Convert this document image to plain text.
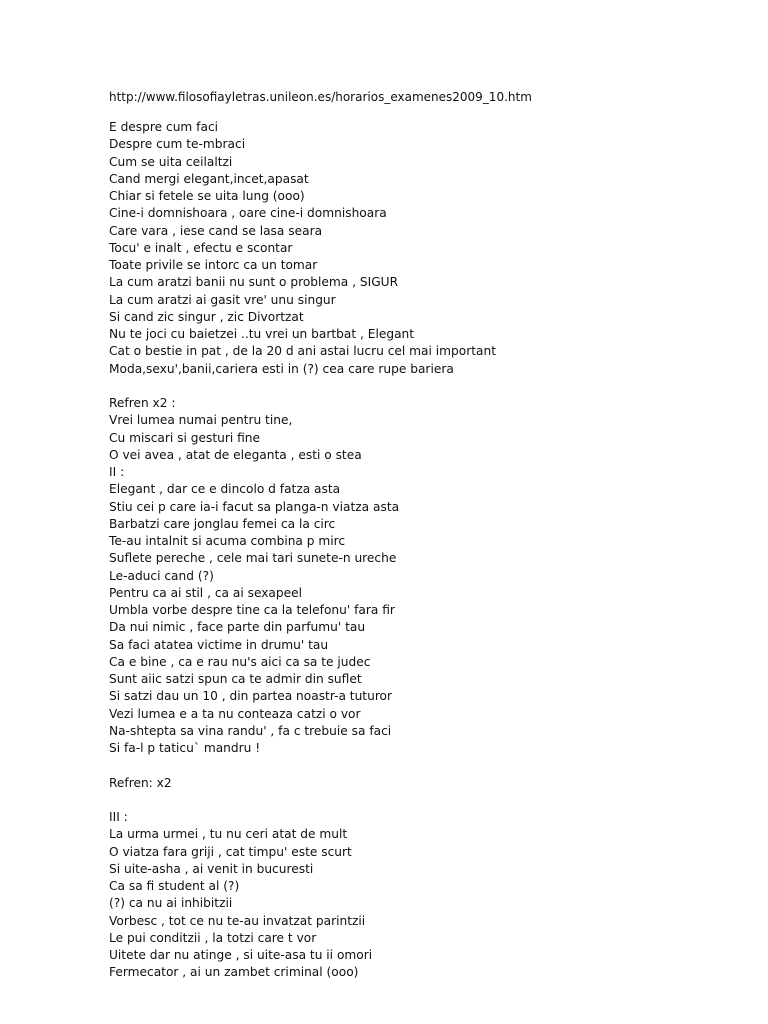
http://www.filosofiayletras.unileon.es/horarios_examenes2009_10.htm
E despre cum faci
Despre cum te-mbraci
Cum se uita ceilaltzi
Cand mergi elegant,incet,apasat
Chiar si fetele se uita lung (ooo)
Cine-i domnishoara , oare cine-i domnishoara
Care vara , iese cand se lasa seara
Tocu' e inalt , efectu e scontar
Toate privile se intorc ca un tomar
La cum aratzi banii nu sunt o problema , SIGUR
La cum aratzi ai gasit vre' unu singur
Si cand zic singur , zic Divortzat
Nu te joci cu baietzei ..tu vrei un bartbat , Elegant
Cat o bestie in pat , de la 20 d ani astai lucru cel mai important
Moda,sexu',banii,cariera esti in (?) cea care rupe bariera
Refren x2 :
Vrei lumea numai pentru tine,
Cu miscari si gesturi fine
O vei avea , atat de eleganta , esti o stea
II :
Elegant , dar ce e dincolo d fatza asta
Stiu cei p care ia-i facut sa planga-n viatza asta
Barbatzi care jonglau femei ca la circ
Te-au intalnit si acuma combina p mirc
Suflete pereche , cele mai tari sunete-n ureche
Le-aduci cand (?)
Pentru ca ai stil , ca ai sexapeel
Umbla vorbe despre tine ca la telefonu' fara fir
Da nui nimic , face parte din parfumu' tau
Sa faci atatea victime in drumu' tau
Ca e bine , ca e rau nu's aici ca sa te judec
Sunt aiic satzi spun ca te admir din suflet
Si satzi dau un 10 , din partea noastr-a tuturor
Vezi lumea e a ta nu conteaza catzi o vor
Na-shtepta sa vina randu' , fa c trebuie sa faci
Si fa-l p taticu` mandru !
Refren: x2
III :
La urma urmei , tu nu ceri atat de mult
O viatza fara griji , cat timpu' este scurt
Si uite-asha , ai venit in bucuresti
Ca sa fi student al (?)
(?) ca nu ai inhibitzii
Vorbesc , tot ce nu te-au invatzat parintzii
Le pui conditzii , la totzi care t vor
Uitete dar nu atinge , si uite-asa tu ii omori
Fermecator , ai un zambet criminal (ooo)
